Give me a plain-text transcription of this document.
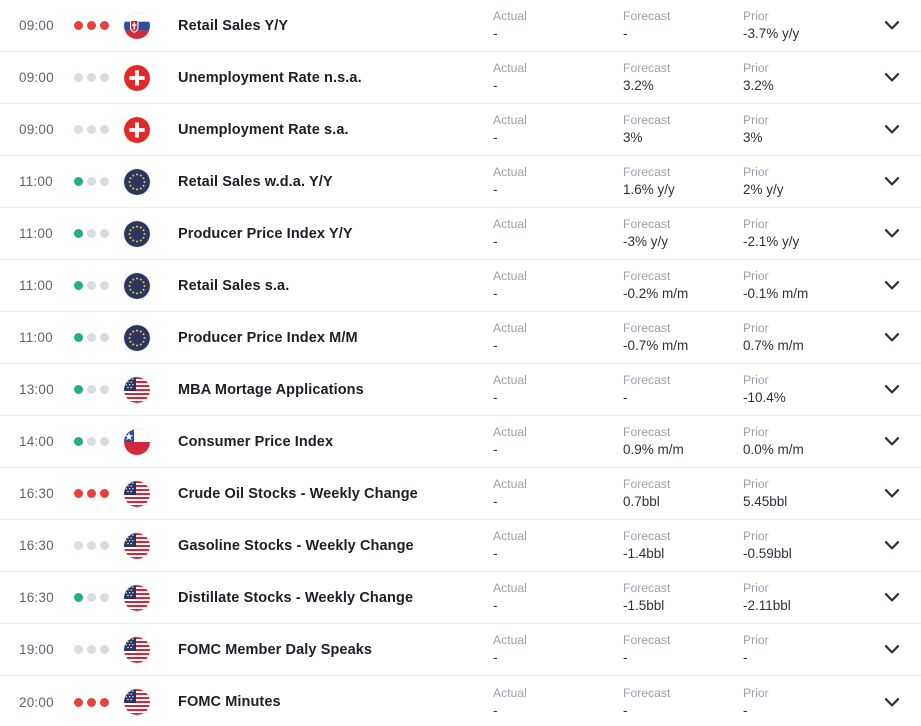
09:00	Retail Sales Y/Y
Actual
-
Forecast
-
Prior
-3.7% y/y
09:00	Unemployment Rate n.s.a.
Actual
-
Forecast
3.2%
Prior
3.2%
09:00	Unemployment Rate s.a.
Actual
-
Forecast
3%
Prior
3%
11:00	Retail Sales w.d.a. Y/Y
Actual
-
Forecast
1.6% y/y
Prior
2% y/y
11:00	Producer Price Index Y/Y
Actual
-
Forecast
-3% y/y
Prior
-2.1% y/y
11:00	Retail Sales s.a.
Actual
-
Forecast
-0.2% m/m
Prior
-0.1% m/m
11:00	Producer Price Index M/M
Actual
-
Forecast
-0.7% m/m
Prior
0.7% m/m
13:00	MBA Mortage Applications
Actual
-
Forecast
-
Prior
-10.4%
14:00	Consumer Price Index
Actual
-
Forecast
0.9% m/m
Prior
0.0% m/m
16:30	Crude Oil Stocks - Weekly Change
Actual
-
Forecast
0.7bbl
Prior
5.45bbl
16:30	Gasoline Stocks - Weekly Change
Actual
-
Forecast
-1.4bbl
Prior
-0.59bbl
16:30	Distillate Stocks - Weekly Change
Actual
-
Forecast
-1.5bbl
Prior
-2.11bbl
19:00	FOMC Member Daly Speaks
Actual
-
Forecast
-
Prior
-
20:00	FOMC Minutes
Actual
-
Forecast
-
Prior
-
